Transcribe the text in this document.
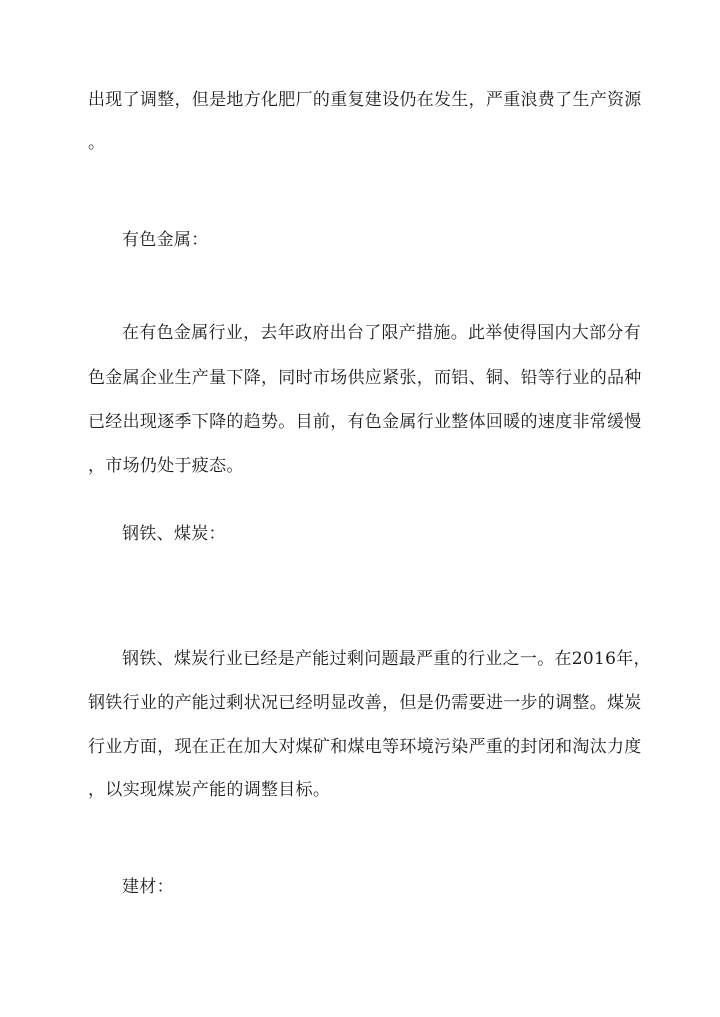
出现了调整，但是地方化肥厂的重复建设仍在发生，严重浪费了生产资源
。
有色金属：
在有色金属行业，去年政府出台了限产措施。此举使得国内大部分有
色金属企业生产量下降，同时市场供应紧张，而铝、铜、铅等行业的品种
已经出现逐季下降的趋势。目前，有色金属行业整体回暖的速度非常缓慢
，市场仍处于疲态。
钢铁、煤炭：
钢铁、煤炭行业已经是产能过剩问题最严重的行业之一。在2016年，
钢铁行业的产能过剩状况已经明显改善，但是仍需要进一步的调整。煤炭
行业方面，现在正在加大对煤矿和煤电等环境污染严重的封闭和淘汰力度
，以实现煤炭产能的调整目标。
建材：
